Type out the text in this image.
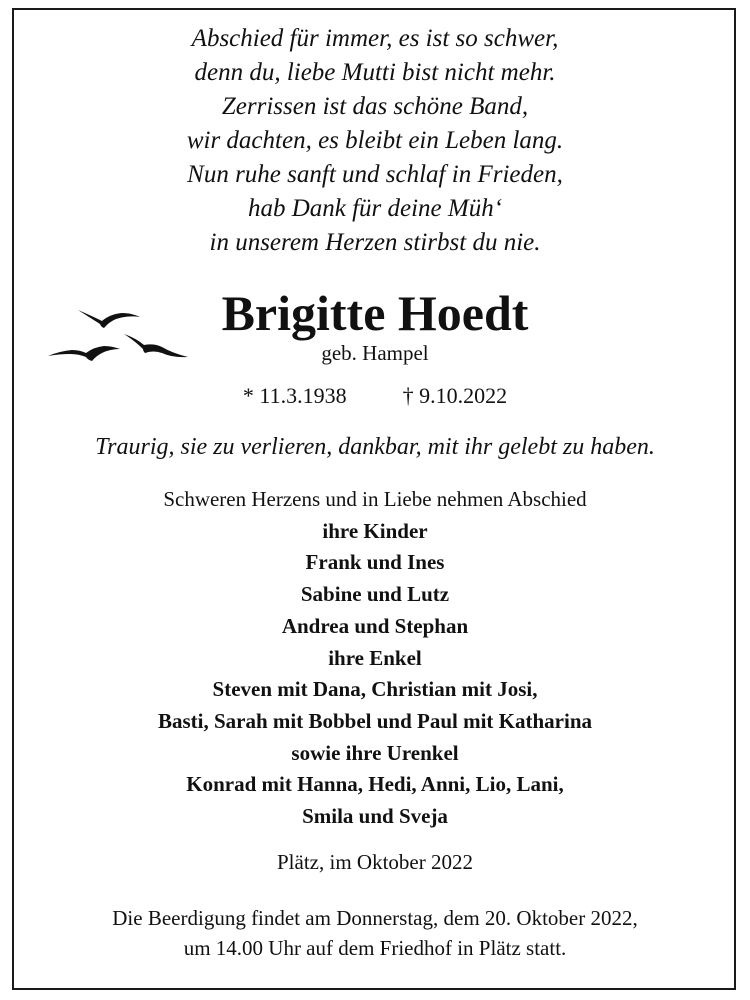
Abschied für immer, es ist so schwer,
denn du, liebe Mutti bist nicht mehr.
Zerrissen ist das schöne Band,
wir dachten, es bleibt ein Leben lang.
Nun ruhe sanft und schlaf in Frieden,
hab Dank für deine Müh‘
in unserem Herzen stirbst du nie.
Brigitte Hoedt
geb. Hampel
* 11.3.1938	† 9.10.2022
Traurig, sie zu verlieren, dankbar, mit ihr gelebt zu haben.
Schweren Herzens und in Liebe nehmen Abschied
ihre Kinder
Frank und Ines
Sabine und Lutz
Andrea und Stephan
ihre Enkel
Steven mit Dana, Christian mit Josi,
Basti, Sarah mit Bobbel und Paul mit Katharina
sowie ihre Urenkel
Konrad mit Hanna, Hedi, Anni, Lio, Lani,
Smila und Sveja
Plätz, im Oktober 2022
Die Beerdigung findet am Donnerstag, dem 20. Oktober 2022,
um 14.00 Uhr auf dem Friedhof in Plätz statt.
